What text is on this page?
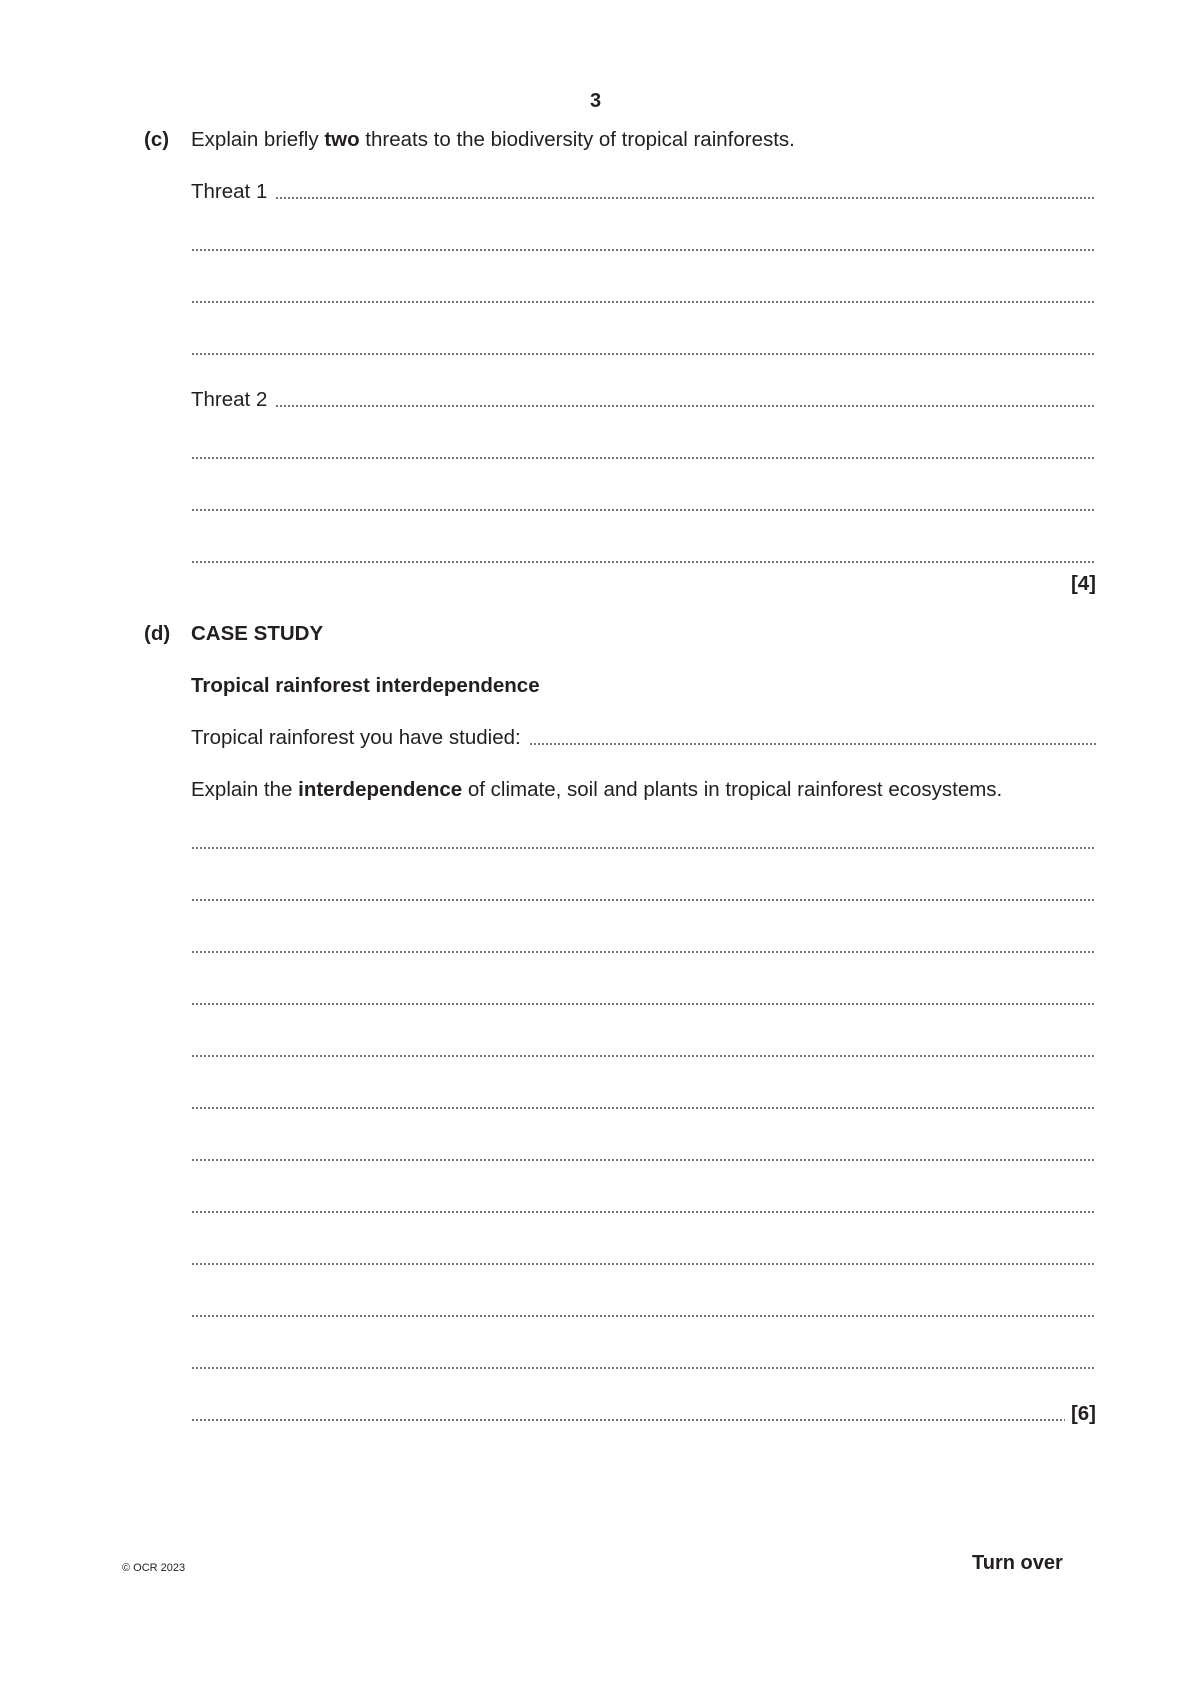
3
(c) Explain briefly two threats to the biodiversity of tropical rainforests.
Threat 1
Threat 2
[4]
(d) CASE STUDY
Tropical rainforest interdependence
Tropical rainforest you have studied:
Explain the interdependence of climate, soil and plants in tropical rainforest ecosystems.
[6]
© OCR 2023	Turn over
